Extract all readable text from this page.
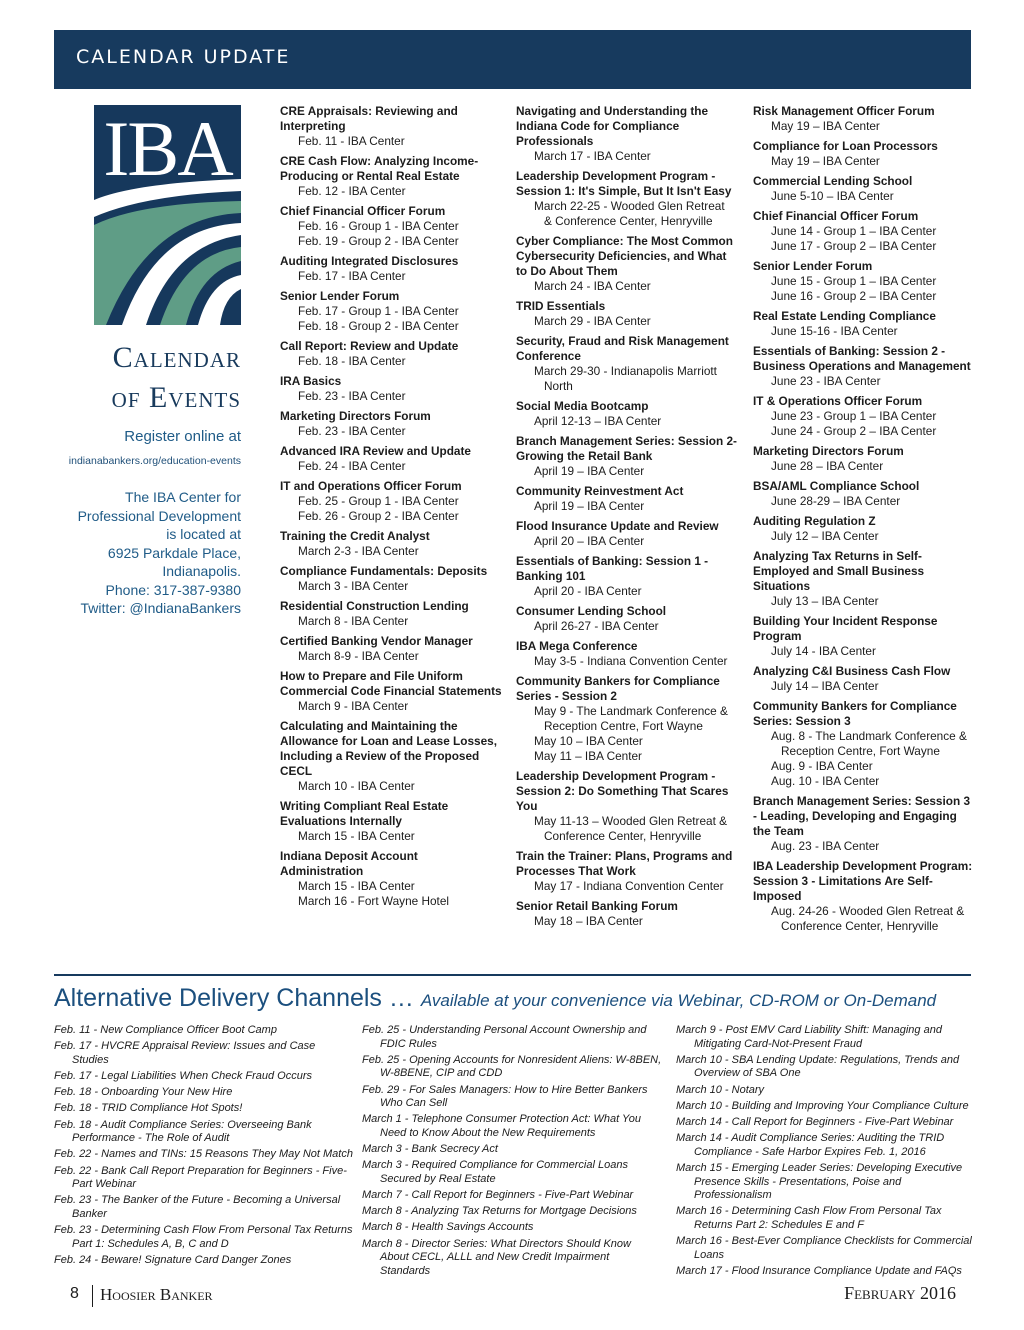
CALENDAR UPDATE
IBA
Calendar
of Events
Register online at
indianabankers.org/education-events
The IBA Center for
Professional Development
is located at
6925 Parkdale Place,
Indianapolis.
Phone: 317-387-9380
Twitter: @IndianaBankers
CRE Appraisals: Reviewing and Interpreting
Feb. 11 - IBA Center
CRE Cash Flow: Analyzing Income-Producing or Rental Real Estate
Feb. 12 - IBA Center
Chief Financial Officer Forum
Feb. 16 - Group 1 - IBA Center
Feb. 19 - Group 2 - IBA Center
Auditing Integrated Disclosures
Feb. 17 - IBA Center
Senior Lender Forum
Feb. 17 - Group 1 - IBA Center
Feb. 18 - Group 2 - IBA Center
Call Report: Review and Update
Feb. 18 - IBA Center
IRA Basics
Feb. 23 - IBA Center
Marketing Directors Forum
Feb. 23 - IBA Center
Advanced IRA Review and Update
Feb. 24 - IBA Center
IT and Operations Officer Forum
Feb. 25 - Group 1 - IBA Center
Feb. 26 - Group 2 - IBA Center
Training the Credit Analyst
March 2-3 - IBA Center
Compliance Fundamentals: Deposits
March 3 - IBA Center
Residential Construction Lending
March 8 - IBA Center
Certified Banking Vendor Manager
March 8-9 - IBA Center
How to Prepare and File Uniform Commercial Code Financial Statements
March 9 - IBA Center
Calculating and Maintaining the Allowance for Loan and Lease Losses, Including a Review of the Proposed CECL
March 10 - IBA Center
Writing Compliant Real Estate Evaluations Internally
March 15 - IBA Center
Indiana Deposit Account Administration
March 15 - IBA Center
March 16 - Fort Wayne Hotel
Navigating and Understanding the Indiana Code for Compliance Professionals
March 17 - IBA Center
Leadership Development Program - Session 1: It's Simple, But It Isn't Easy
March 22-25 - Wooded Glen Retreat & Conference Center, Henryville
Cyber Compliance: The Most Common Cybersecurity Deficiencies, and What to Do About Them
March 24 - IBA Center
TRID Essentials
March 29 - IBA Center
Security, Fraud and Risk Management Conference
March 29-30 - Indianapolis Marriott North
Social Media Bootcamp
April 12-13 – IBA Center
Branch Management Series: Session 2- Growing the Retail Bank
April 19 – IBA Center
Community Reinvestment Act
April 19 – IBA Center
Flood Insurance Update and Review
April 20 – IBA Center
Essentials of Banking: Session 1 - Banking 101
April 20 - IBA Center
Consumer Lending School
April 26-27 - IBA Center
IBA Mega Conference
May 3-5 - Indiana Convention Center
Community Bankers for Compliance Series - Session 2
May 9 - The Landmark Conference & Reception Centre, Fort Wayne
May 10 – IBA Center
May 11 – IBA Center
Leadership Development Program - Session 2: Do Something That Scares You
May 11-13 – Wooded Glen Retreat & Conference Center, Henryville
Train the Trainer: Plans, Programs and Processes That Work
May 17 - Indiana Convention Center
Senior Retail Banking Forum
May 18 – IBA Center
Risk Management Officer Forum
May 19 – IBA Center
Compliance for Loan Processors
May 19 – IBA Center
Commercial Lending School
June 5-10 – IBA Center
Chief Financial Officer Forum
June 14 - Group 1 – IBA Center
June 17 - Group 2 – IBA Center
Senior Lender Forum
June 15 - Group 1 – IBA Center
June 16 - Group 2 – IBA Center
Real Estate Lending Compliance
June 15-16 - IBA Center
Essentials of Banking: Session 2 - Business Operations and Management
June 23 - IBA Center
IT & Operations Officer Forum
June 23 - Group 1 – IBA Center
June 24 - Group 2 – IBA Center
Marketing Directors Forum
June 28 – IBA Center
BSA/AML Compliance School
June 28-29 – IBA Center
Auditing Regulation Z
July 12 – IBA Center
Analyzing Tax Returns in Self-Employed and Small Business Situations
July 13 – IBA Center
Building Your Incident Response Program
July 14 - IBA Center
Analyzing C&I Business Cash Flow
July 14 – IBA Center
Community Bankers for Compliance Series: Session 3
Aug. 8 - The Landmark Conference & Reception Centre, Fort Wayne
Aug. 9 - IBA Center
Aug. 10 - IBA Center
Branch Management Series: Session 3 - Leading, Developing and Engaging the Team
Aug. 23 - IBA Center
IBA Leadership Development Program: Session 3 - Limitations Are Self-Imposed
Aug. 24-26 - Wooded Glen Retreat & Conference Center, Henryville
Alternative Delivery Channels … Available at your convenience via Webinar, CD-ROM or On-Demand
Feb. 11 - New Compliance Officer Boot Camp
Feb. 17 - HVCRE Appraisal Review: Issues and Case Studies
Feb. 17 - Legal Liabilities When Check Fraud Occurs
Feb. 18 - Onboarding Your New Hire
Feb. 18 - TRID Compliance Hot Spots!
Feb. 18 - Audit Compliance Series: Overseeing Bank Performance - The Role of Audit
Feb. 22 - Names and TINs: 15 Reasons They May Not Match
Feb. 22 - Bank Call Report Preparation for Beginners - Five-Part Webinar
Feb. 23 - The Banker of the Future - Becoming a Universal Banker
Feb. 23 - Determining Cash Flow From Personal Tax Returns Part 1: Schedules A, B, C and D
Feb. 24 - Beware! Signature Card Danger Zones
Feb. 25 - Understanding Personal Account Ownership and FDIC Rules
Feb. 25 - Opening Accounts for Nonresident Aliens: W-8BEN, W-8BENE, CIP and CDD
Feb. 29 - For Sales Managers: How to Hire Better Bankers Who Can Sell
March 1 - Telephone Consumer Protection Act: What You Need to Know About the New Requirements
March 3 - Bank Secrecy Act
March 3 - Required Compliance for Commercial Loans Secured by Real Estate
March 7 - Call Report for Beginners - Five-Part Webinar
March 8 - Analyzing Tax Returns for Mortgage Decisions
March 8 - Health Savings Accounts
March 8 - Director Series: What Directors Should Know About CECL, ALLL and New Credit Impairment Standards
March 9 - Post EMV Card Liability Shift: Managing and Mitigating Card-Not-Present Fraud
March 10 - SBA Lending Update: Regulations, Trends and Overview of SBA One
March 10 - Notary
March 10 - Building and Improving Your Compliance Culture
March 14 - Call Report for Beginners - Five-Part Webinar
March 14 - Audit Compliance Series: Auditing the TRID Compliance - Safe Harbor Expires Feb. 1, 2016
March 15 - Emerging Leader Series: Developing Executive Presence Skills - Presentations, Poise and Professionalism
March 16 - Determining Cash Flow From Personal Tax Returns Part 2: Schedules E and F
March 16 - Best-Ever Compliance Checklists for Commercial Loans
March 17 - Flood Insurance Compliance Update and FAQs
8 Hoosier Banker	February 2016
